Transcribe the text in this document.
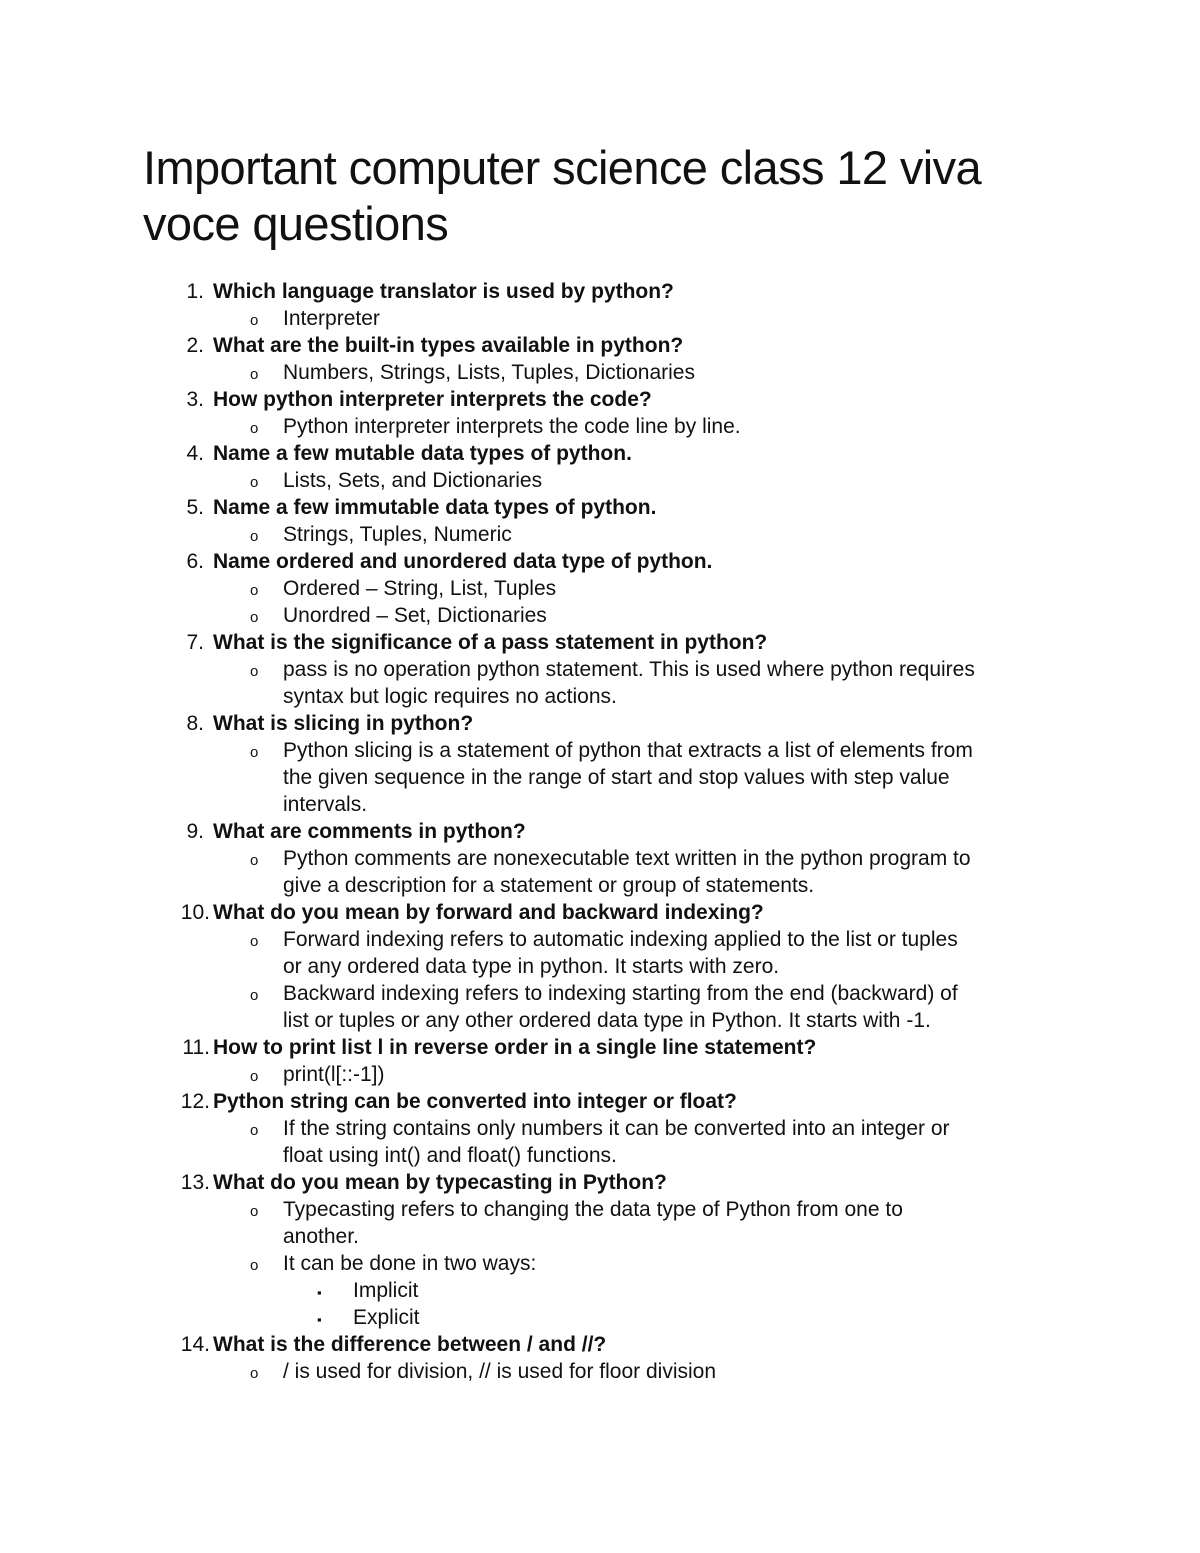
Important computer science class 12 viva voce questions
1. Which language translator is used by python?
o Interpreter
2. What are the built-in types available in python?
o Numbers, Strings, Lists, Tuples, Dictionaries
3. How python interpreter interprets the code?
o Python interpreter interprets the code line by line.
4. Name a few mutable data types of python.
o Lists, Sets, and Dictionaries
5. Name a few immutable data types of python.
o Strings, Tuples, Numeric
6. Name ordered and unordered data type of python.
o Ordered – String, List, Tuples
o Unordred – Set, Dictionaries
7. What is the significance of a pass statement in python?
o pass is no operation python statement. This is used where python requires
syntax but logic requires no actions.
8. What is slicing in python?
o Python slicing is a statement of python that extracts a list of elements from
the given sequence in the range of start and stop values with step value
intervals.
9. What are comments in python?
o Python comments are nonexecutable text written in the python program to
give a description for a statement or group of statements.
10. What do you mean by forward and backward indexing?
o Forward indexing refers to automatic indexing applied to the list or tuples
or any ordered data type in python. It starts with zero.
o Backward indexing refers to indexing starting from the end (backward) of
list or tuples or any other ordered data type in Python. It starts with -1.
11. How to print list l in reverse order in a single line statement?
o print(l[::-1])
12. Python string can be converted into integer or float?
o If the string contains only numbers it can be converted into an integer or
float using int() and float() functions.
13. What do you mean by typecasting in Python?
o Typecasting refers to changing the data type of Python from one to
another.
o It can be done in two ways:
▪ Implicit
▪ Explicit
14. What is the difference between / and //?
o / is used for division, // is used for floor division
